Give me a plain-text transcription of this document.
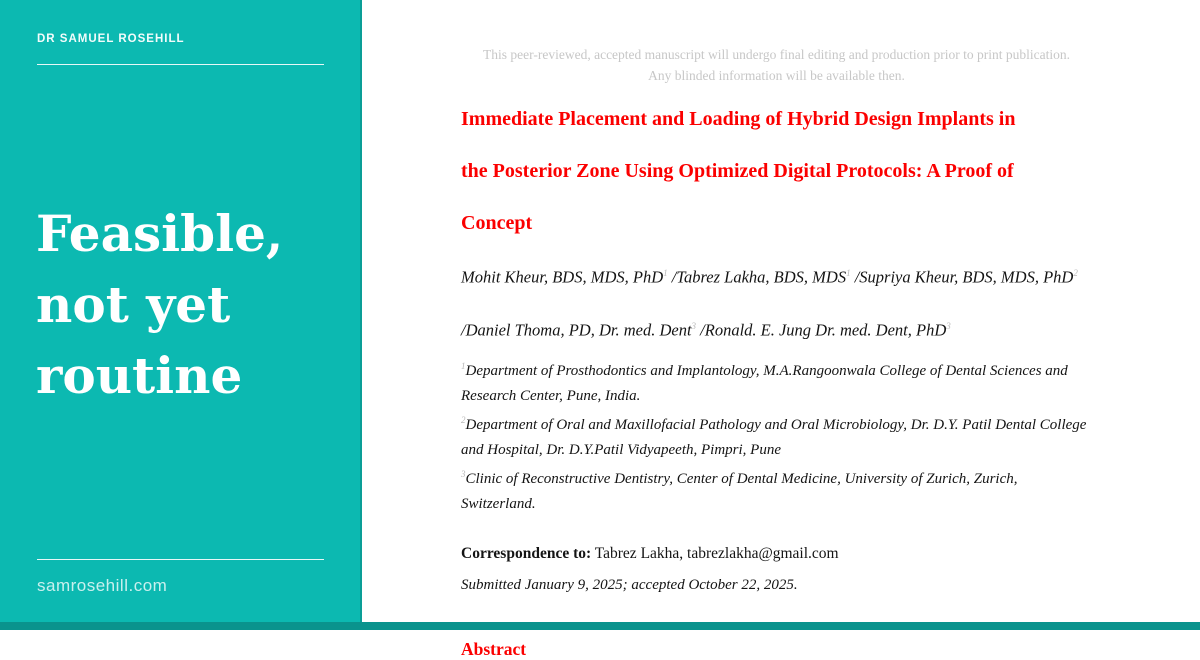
DR SAMUEL ROSEHILL
Feasible,
not yet
routine
samrosehill.com
This peer-reviewed, accepted manuscript will undergo final editing and production prior to print publication.
Any blinded information will be available then.
Immediate Placement and Loading of Hybrid Design Implants in
the Posterior Zone Using Optimized Digital Protocols: A Proof of
Concept
Mohit Kheur, BDS, MDS, PhD$^1$ /Tabrez Lakha, BDS, MDS$^1$ /Supriya Kheur, BDS, MDS, PhD$^2$
/Daniel Thoma, PD, Dr. med. Dent$^3$ /Ronald. E. Jung Dr. med. Dent, PhD$^3$
$^1$Department of Prosthodontics and Implantology, M.A.Rangoonwala College of Dental Sciences and Research Center, Pune, India.
$^2$Department of Oral and Maxillofacial Pathology and Oral Microbiology, Dr. D.Y. Patil Dental College and Hospital, Dr. D.Y.Patil Vidyapeeth, Pimpri, Pune
$^3$Clinic of Reconstructive Dentistry, Center of Dental Medicine, University of Zurich, Zurich, Switzerland.

Correspondence to: Tabrez Lakha, tabrezlakha@gmail.com

Submitted January 9, 2025; accepted October 22, 2025.

Abstract
